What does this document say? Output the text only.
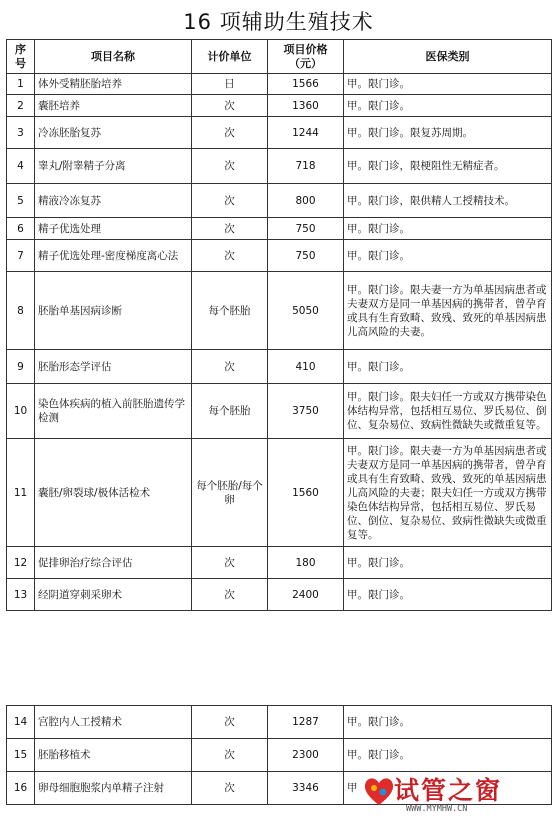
16 项辅助生殖技术
序号	项目名称	计价单位	项目价格（元）	医保类别
1	体外受精胚胎培养	日	1566	甲。限门诊。
2	囊胚培养	次	1360	甲。限门诊。
3	冷冻胚胎复苏	次	1244	甲。限门诊。限复苏周期。
4	睾丸/附睾精子分离	次	718	甲。限门诊，限梗阻性无精症者。
5	精液冷冻复苏	次	800	甲。限门诊，限供精人工授精技术。
6	精子优选处理	次	750	甲。限门诊。
7	精子优选处理-密度梯度离心法	次	750	甲。限门诊。
8	胚胎单基因病诊断	每个胚胎	5050	甲。限门诊。限夫妻一方为单基因病患者或夫妻双方是同一单基因病的携带者，曾孕育或具有生育致畸、致残、致死的单基因病患儿高风险的夫妻。
9	胚胎形态学评估	次	410	甲。限门诊。
10	染色体疾病的植入前胚胎遗传学检测	每个胚胎	3750	甲。限门诊。限夫妇任一方或双方携带染色体结构异常，包括相互易位、罗氏易位、倒位、复杂易位、致病性微缺失或微重复等。
11	囊胚/卵裂球/极体活检术	每个胚胎/每个卵	1560	甲。限门诊。限夫妻一方为单基因病患者或夫妻双方是同一单基因病的携带者，曾孕育或具有生育致畸、致残、致死的单基因病患儿高风险的夫妻；限夫妇任一方或双方携带染色体结构异常，包括相互易位、罗氏易位、倒位、复杂易位、致病性微缺失或微重复等。
12	促排卵治疗综合评估	次	180	甲。限门诊。
13	经阴道穿刺采卵术	次	2400	甲。限门诊。
14	宫腔内人工授精术	次	1287	甲。限门诊。
15	胚胎移植术	次	2300	甲。限门诊。
16	卵母细胞胞浆内单精子注射	次	3346	甲 试管之窗
WWW.MYMHW.CN
